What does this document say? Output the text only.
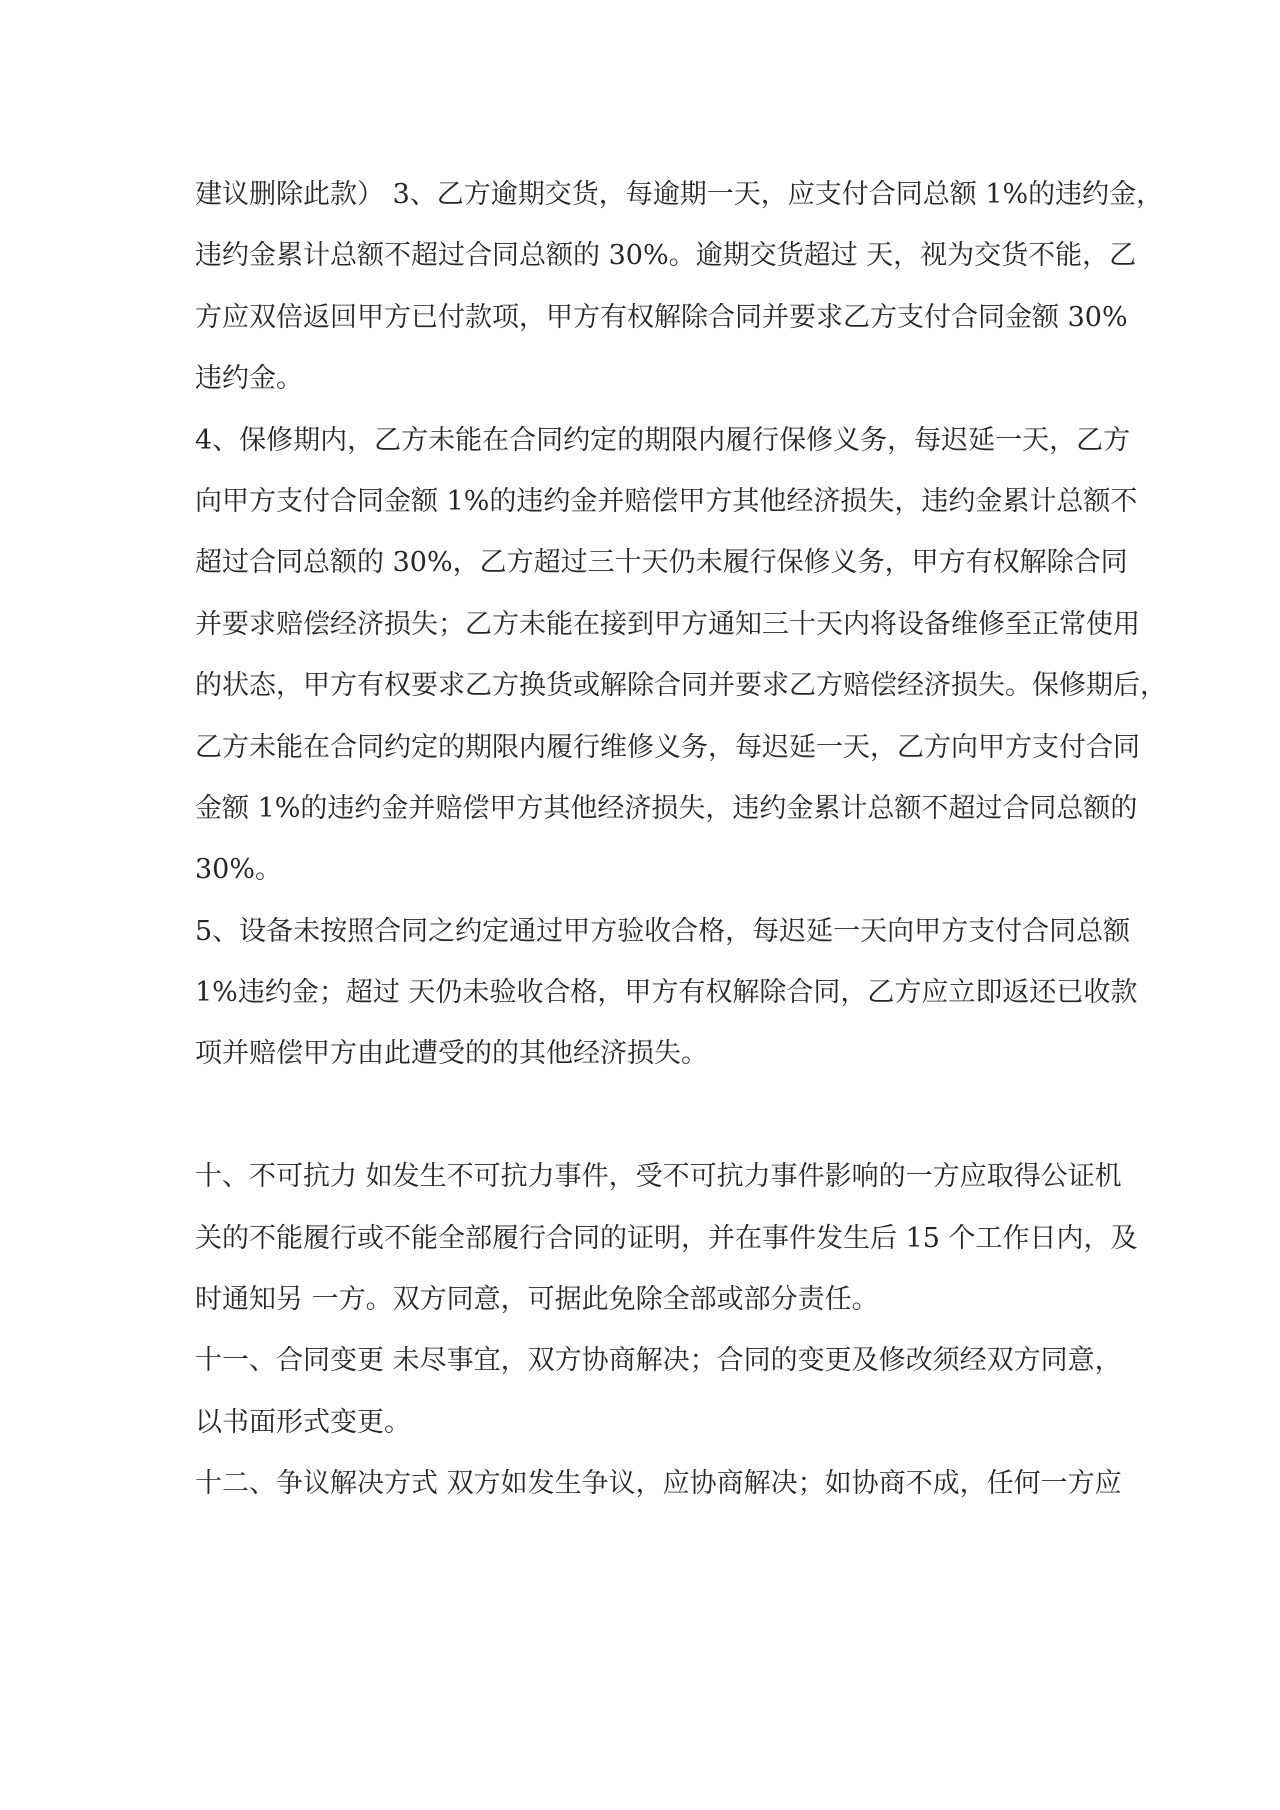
建议删除此款） 3、乙方逾期交货，每逾期一天，应支付合同总额 1%的违约金，
违约金累计总额不超过合同总额的 30%。逾期交货超过 天，视为交货不能，乙
方应双倍返回甲方已付款项，甲方有权解除合同并要求乙方支付合同金额 30%
违约金。
4、保修期内，乙方未能在合同约定的期限内履行保修义务，每迟延一天，乙方
向甲方支付合同金额 1%的违约金并赔偿甲方其他经济损失，违约金累计总额不
超过合同总额的 30%，乙方超过三十天仍未履行保修义务，甲方有权解除合同
并要求赔偿经济损失；乙方未能在接到甲方通知三十天内将设备维修至正常使用
的状态，甲方有权要求乙方换货或解除合同并要求乙方赔偿经济损失。保修期后，
乙方未能在合同约定的期限内履行维修义务，每迟延一天，乙方向甲方支付合同
金额 1%的违约金并赔偿甲方其他经济损失，违约金累计总额不超过合同总额的
30%。
5、设备未按照合同之约定通过甲方验收合格，每迟延一天向甲方支付合同总额
1%违约金；超过 天仍未验收合格，甲方有权解除合同，乙方应立即返还已收款
项并赔偿甲方由此遭受的的其他经济损失。
十、不可抗力 如发生不可抗力事件，受不可抗力事件影响的一方应取得公证机
关的不能履行或不能全部履行合同的证明，并在事件发生后 15 个工作日内，及
时通知另 一方。双方同意，可据此免除全部或部分责任。
十一、合同变更 未尽事宜，双方协商解决；合同的变更及修改须经双方同意，
以书面形式变更。
十二、争议解决方式 双方如发生争议，应协商解决；如协商不成，任何一方应
